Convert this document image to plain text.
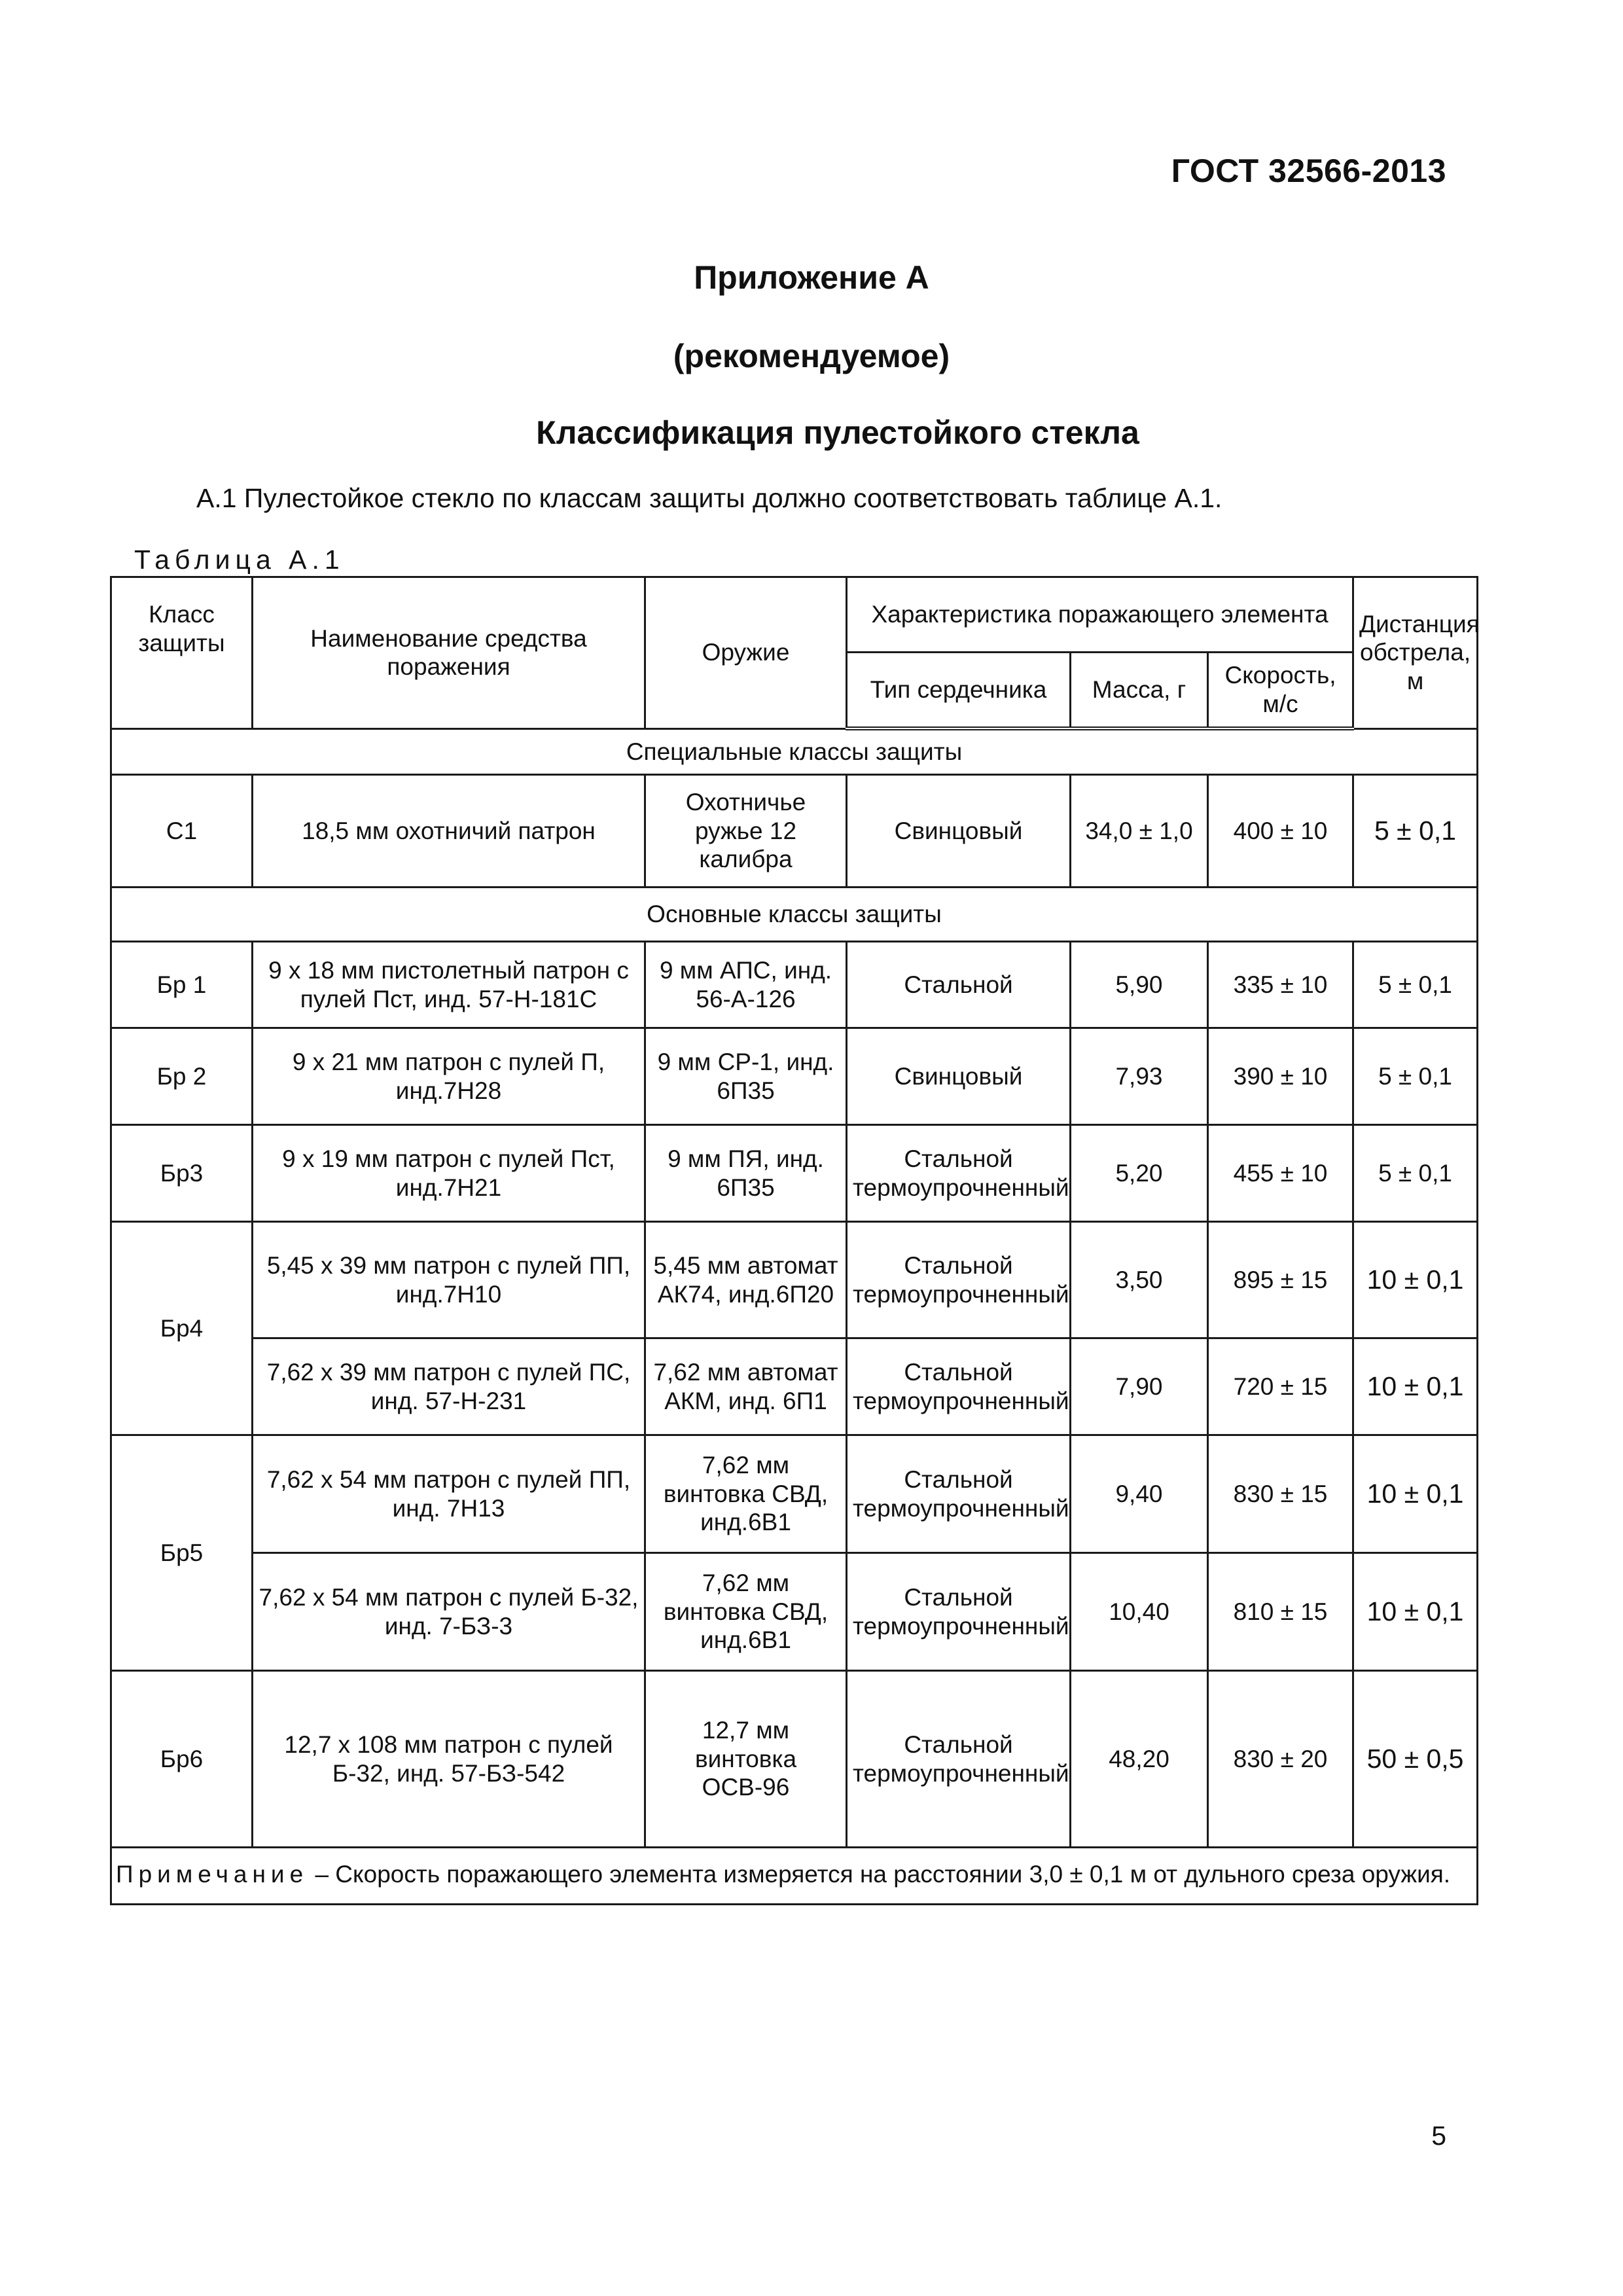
ГОСТ 32566-2013
Приложение А
(рекомендуемое)
Классификация пулестойкого стекла
А.1 Пулестойкое стекло по классам защиты должно соответствовать таблице А.1.
Таблица А.1
Класс защиты	Наименование средства поражения	Оружие	Характеристика поражающего элемента			Дистанция обстрела, м
			Тип сердечника	Масса, г	Скорость, м/с	
Специальные классы защиты						
С1	18,5 мм охотничий патрон	Охотничье ружье 12 калибра	Свинцовый	34,0 ± 1,0	400 ± 10	5 ± 0,1
Основные классы защиты						
Бр 1	9 х 18 мм пистолетный патрон с пулей Пст, инд. 57-Н-181С	9 мм АПС, инд. 56-А-126	Стальной	5,90	335 ± 10	5 ± 0,1
Бр 2	9 х 21 мм патрон с пулей П, инд.7Н28	9 мм СР-1, инд. 6П35	Свинцовый	7,93	390 ± 10	5 ± 0,1
Бр3	9 х 19 мм патрон с пулей Пст, инд.7Н21	9 мм ПЯ, инд. 6П35	Стальной термоупрочненный	5,20	455 ± 10	5 ± 0,1
Бр4	5,45 х 39 мм патрон с пулей ПП, инд.7Н10	5,45 мм автомат АК74, инд.6П20	Стальной термоупрочненный	3,50	895 ± 15	10 ± 0,1
	7,62 х 39 мм патрон с пулей ПС, инд. 57-Н-231	7,62 мм автомат АКМ, инд. 6П1	Стальной термоупрочненный	7,90	720 ± 15	10 ± 0,1
Бр5	7,62 х 54 мм патрон с пулей ПП, инд. 7Н13	7,62 мм винтовка СВД, инд.6В1	Стальной термоупрочненный	9,40	830 ± 15	10 ± 0,1
	7,62 х 54 мм патрон с пулей Б-32, инд. 7-БЗ-3	7,62 мм винтовка СВД, инд.6В1	Стальной термоупрочненный	10,40	810 ± 15	10 ± 0,1
Бр6	12,7 х 108 мм патрон с пулей Б-32, инд. 57-БЗ-542	12,7 мм винтовка ОСВ-96	Стальной термоупрочненный	48,20	830 ± 20	50 ± 0,5
Примечание – Скорость поражающего элемента измеряется на расстоянии 3,0 ± 0,1 м от дульного среза оружия.						
5
